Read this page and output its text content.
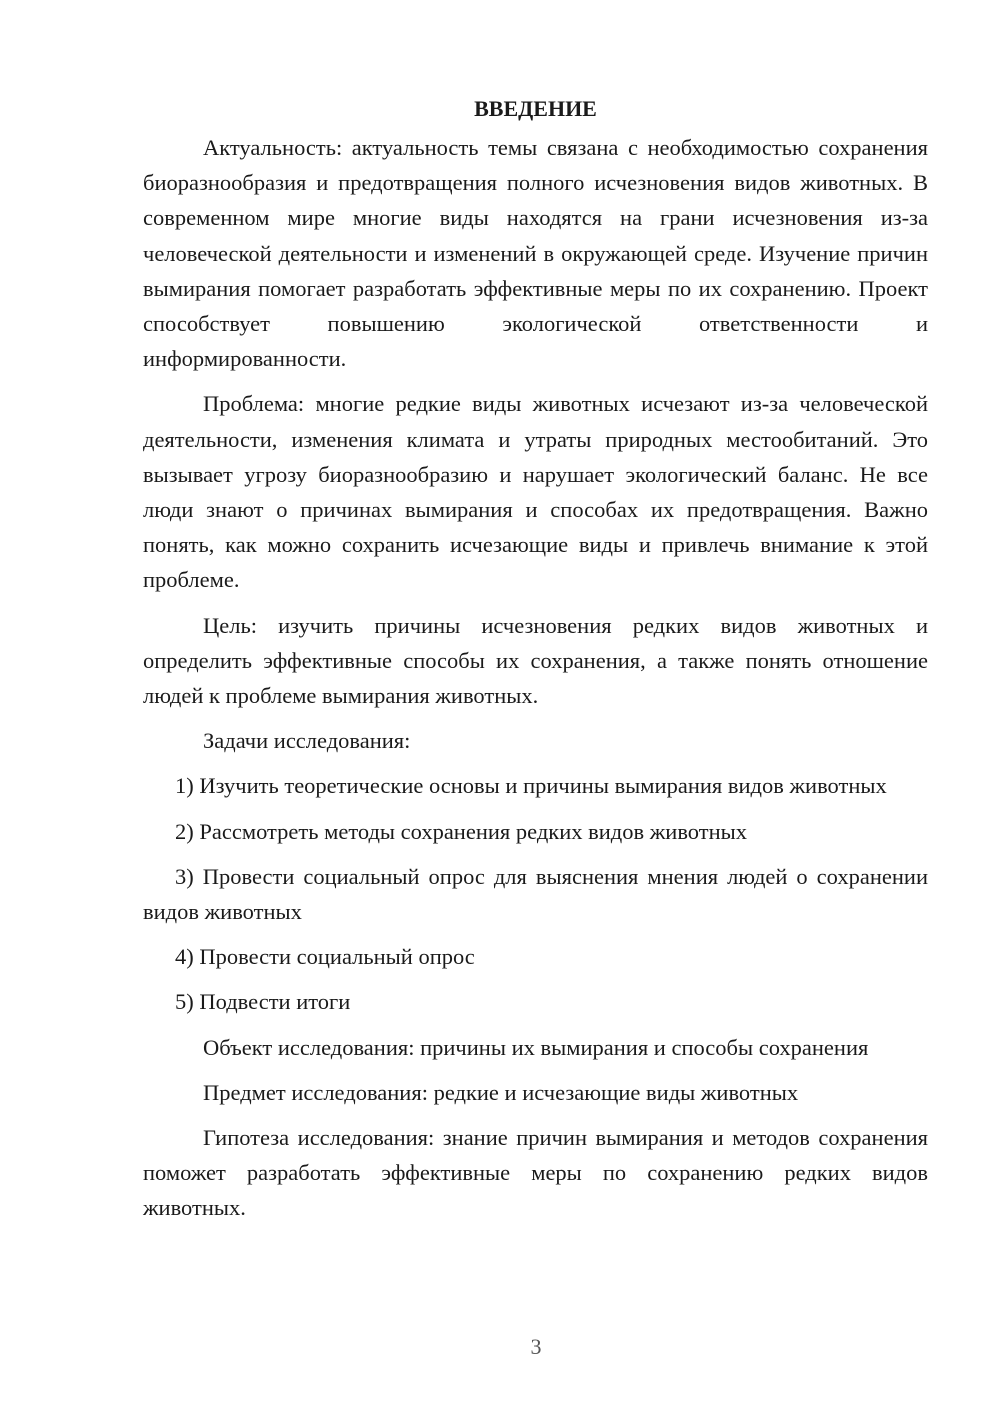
ВВЕДЕНИЕ

Актуальность: актуальность темы связана с необходимостью сохранения биоразнообразия и предотвращения полного исчезновения видов животных. В современном мире многие виды находятся на грани исчезновения из-за человеческой деятельности и изменений в окружающей среде. Изучение причин вымирания помогает разработать эффективные меры по их сохранению. Проект способствует повышению экологической ответственности и информированности.

Проблема: многие редкие виды животных исчезают из-за человеческой деятельности, изменения климата и утраты природных местообитаний. Это вызывает угрозу биоразнообразию и нарушает экологический баланс. Не все люди знают о причинах вымирания и способах их предотвращения. Важно понять, как можно сохранить исчезающие виды и привлечь внимание к этой проблеме.

Цель: изучить причины исчезновения редких видов животных и определить эффективные способы их сохранения, а также понять отношение людей к проблеме вымирания животных.

Задачи исследования:

1) Изучить теоретические основы и причины вымирания видов животных

2) Рассмотреть методы сохранения редких видов животных

3) Провести социальный опрос для выяснения мнения людей о сохранении видов животных

4) Провести социальный опрос

5) Подвести итоги

Объект исследования: причины их вымирания и способы сохранения

Предмет исследования: редкие и исчезающие виды животных

Гипотеза исследования: знание причин вымирания и методов сохранения поможет разработать эффективные меры по сохранению редких видов животных.

3
